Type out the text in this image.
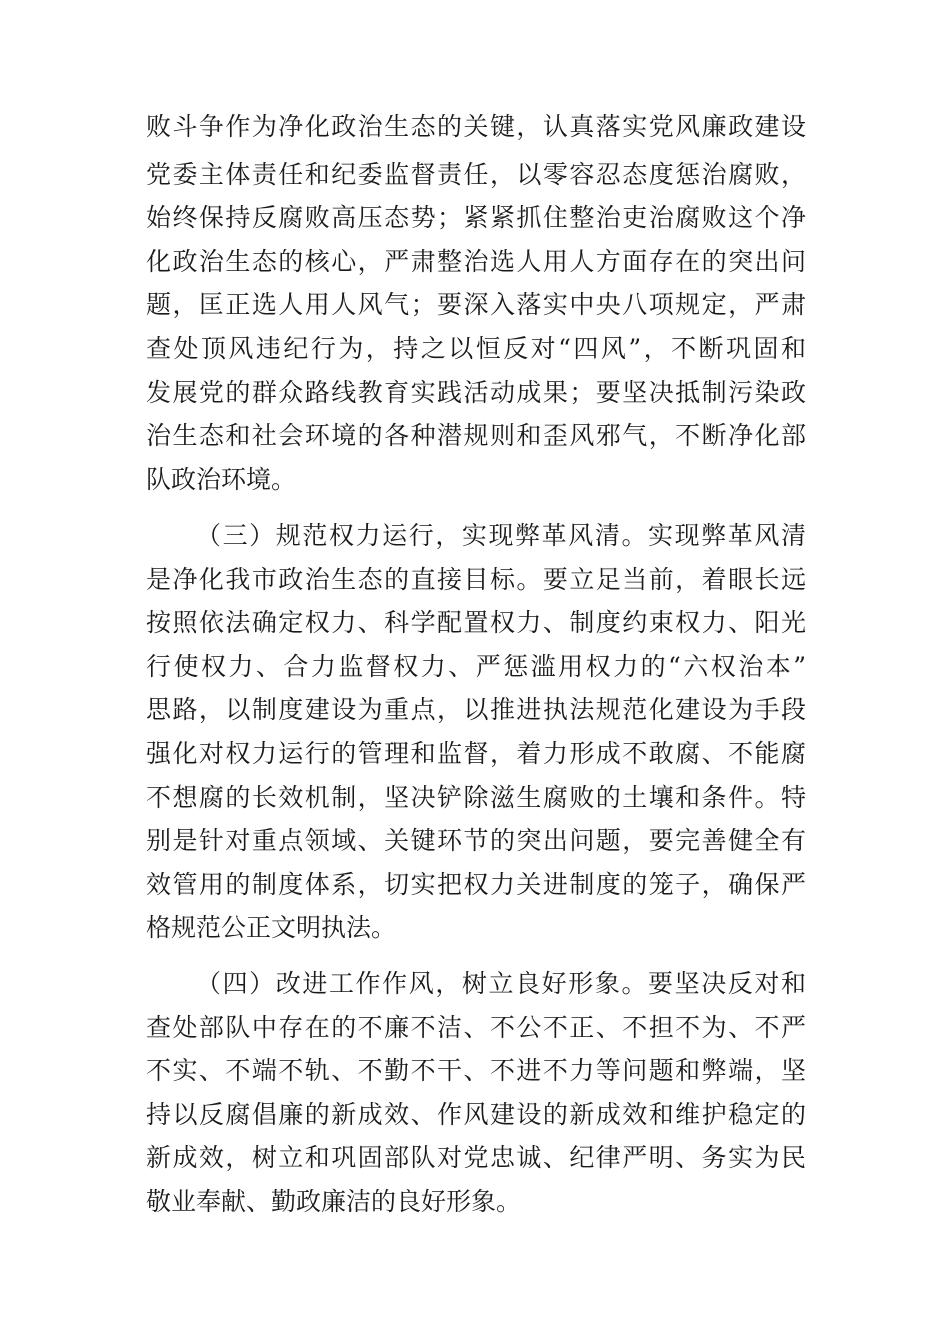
败斗争作为净化政治生态的关键，认真落实党风廉政建设
党委主体责任和纪委监督责任，以零容忍态度惩治腐败，
始终保持反腐败高压态势；紧紧抓住整治吏治腐败这个净
化政治生态的核心，严肃整治选人用人方面存在的突出问
题，匡正选人用人风气；要深入落实中央八项规定，严肃
查处顶风违纪行为，持之以恒反对“四风”，不断巩固和
发展党的群众路线教育实践活动成果；要坚决抵制污染政
治生态和社会环境的各种潜规则和歪风邪气，不断净化部
队政治环境。
（三）规范权力运行，实现弊革风清。实现弊革风清
是净化我市政治生态的直接目标。要立足当前，着眼长远
按照依法确定权力、科学配置权力、制度约束权力、阳光
行使权力、合力监督权力、严惩滥用权力的“六权治本”
思路，以制度建设为重点，以推进执法规范化建设为手段
强化对权力运行的管理和监督，着力形成不敢腐、不能腐
不想腐的长效机制，坚决铲除滋生腐败的土壤和条件。特
别是针对重点领域、关键环节的突出问题，要完善健全有
效管用的制度体系，切实把权力关进制度的笼子，确保严
格规范公正文明执法。
（四）改进工作作风，树立良好形象。要坚决反对和
查处部队中存在的不廉不洁、不公不正、不担不为、不严
不实、不端不轨、不勤不干、不进不力等问题和弊端，坚
持以反腐倡廉的新成效、作风建设的新成效和维护稳定的
新成效，树立和巩固部队对党忠诚、纪律严明、务实为民
敬业奉献、勤政廉洁的良好形象。
